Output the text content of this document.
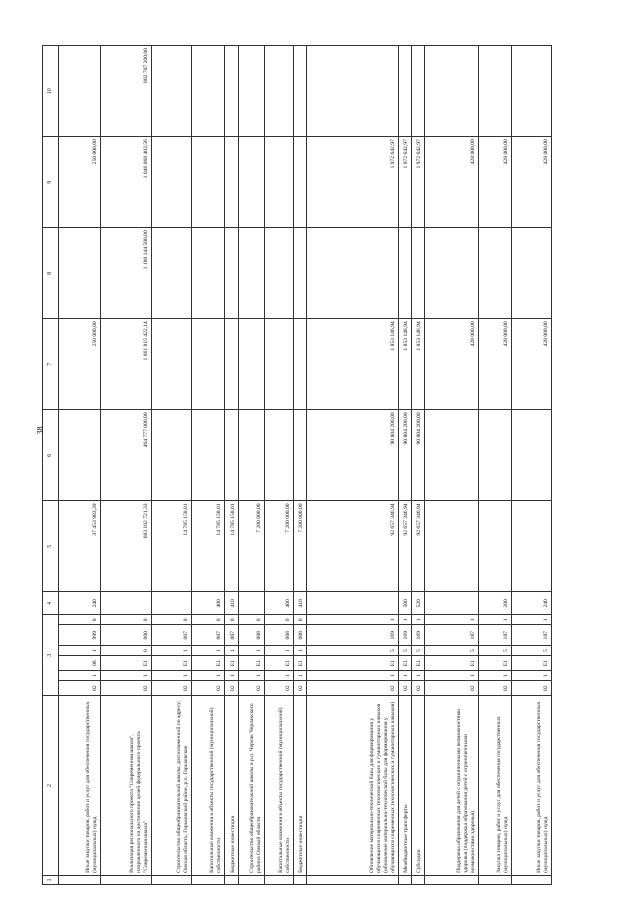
38
1	2	3						4	5	6	7	8	9	10
	Иные закупки товаров, работ и услуг для обеспечения государственных (муниципальных) нужд	02	1	06	1	999	0	240	37 453 983,39		250 000,00		250 000,00	
	Реализация регионального проекта "Современная школа", направленного на достижение целей федерального проекта "Современная школа"	02	1	Е1	0	000	0		683 102 721,33	464 777 000,00	1 661 815 422,14	1 188 144 500,00	1 046 068 403,56	802 707 200,00
	Строительство общеобразовательной школы, расположенной по адресу: Омская область, Горьковский район, р.п. Горьковское	02	1	Е1	1	007	0		14 785 158,01					
	Капитальные вложения в объекты государственной (муниципальной) собственности	02	1	Е1	1	007	0	400	14 785 158,01					
	Бюджетные инвестиции	02	1	Е1	1	007	0	410	14 785 158,01					
	Строительство общеобразовательной школы в р.п. Черлак Черлакского района Омской области	02	1	Е1	1	008	0		7 200 000,00					
	Капитальные вложения в объекты государственной (муниципальной) собственности	02	1	Е1	1	008	0	400	7 200 000,00					
	Бюджетные инвестиции	02	1	Е1	1	008	0	410	7 200 000,00					
	Обновление материально-технической базы для формирования у обучающихся современных технологических и гуманитарных навыков (обновление материально-технической базы для формирования у обучающихся современных технологических и гуманитарных навыков)	02	1	Е1	5	169	1		92 657 346,94	90 804 200,00	1 853 146,94		1 972 642,97	
	Межбюджетные трансферты	02	1	Е1	5	169	1	500	92 657 346,94	90 804 200,00	1 853 146,94		1 972 642,97	
	Субсидии	02	1	Е1	5	169	1	520	92 657 346,94	90 804 200,00	1 853 146,94		1 972 642,97	
	Поддержка образования для детей с ограниченными возможностями здоровья (поддержка образования детей с ограниченными возможностями здоровья)	02	1	Е1	5	187	1				428 000,00		428 000,00	
	Закупка товаров, работ и услуг для обеспечения государственных (муниципальных) нужд	02	1	Е1	5	187	1	200			428 000,00		428 000,00	
	Иные закупки товаров, работ и услуг для обеспечения государственных (муниципальных) нужд	02	1	Е1	5	187	1	240			428 000,00		428 000,00	
